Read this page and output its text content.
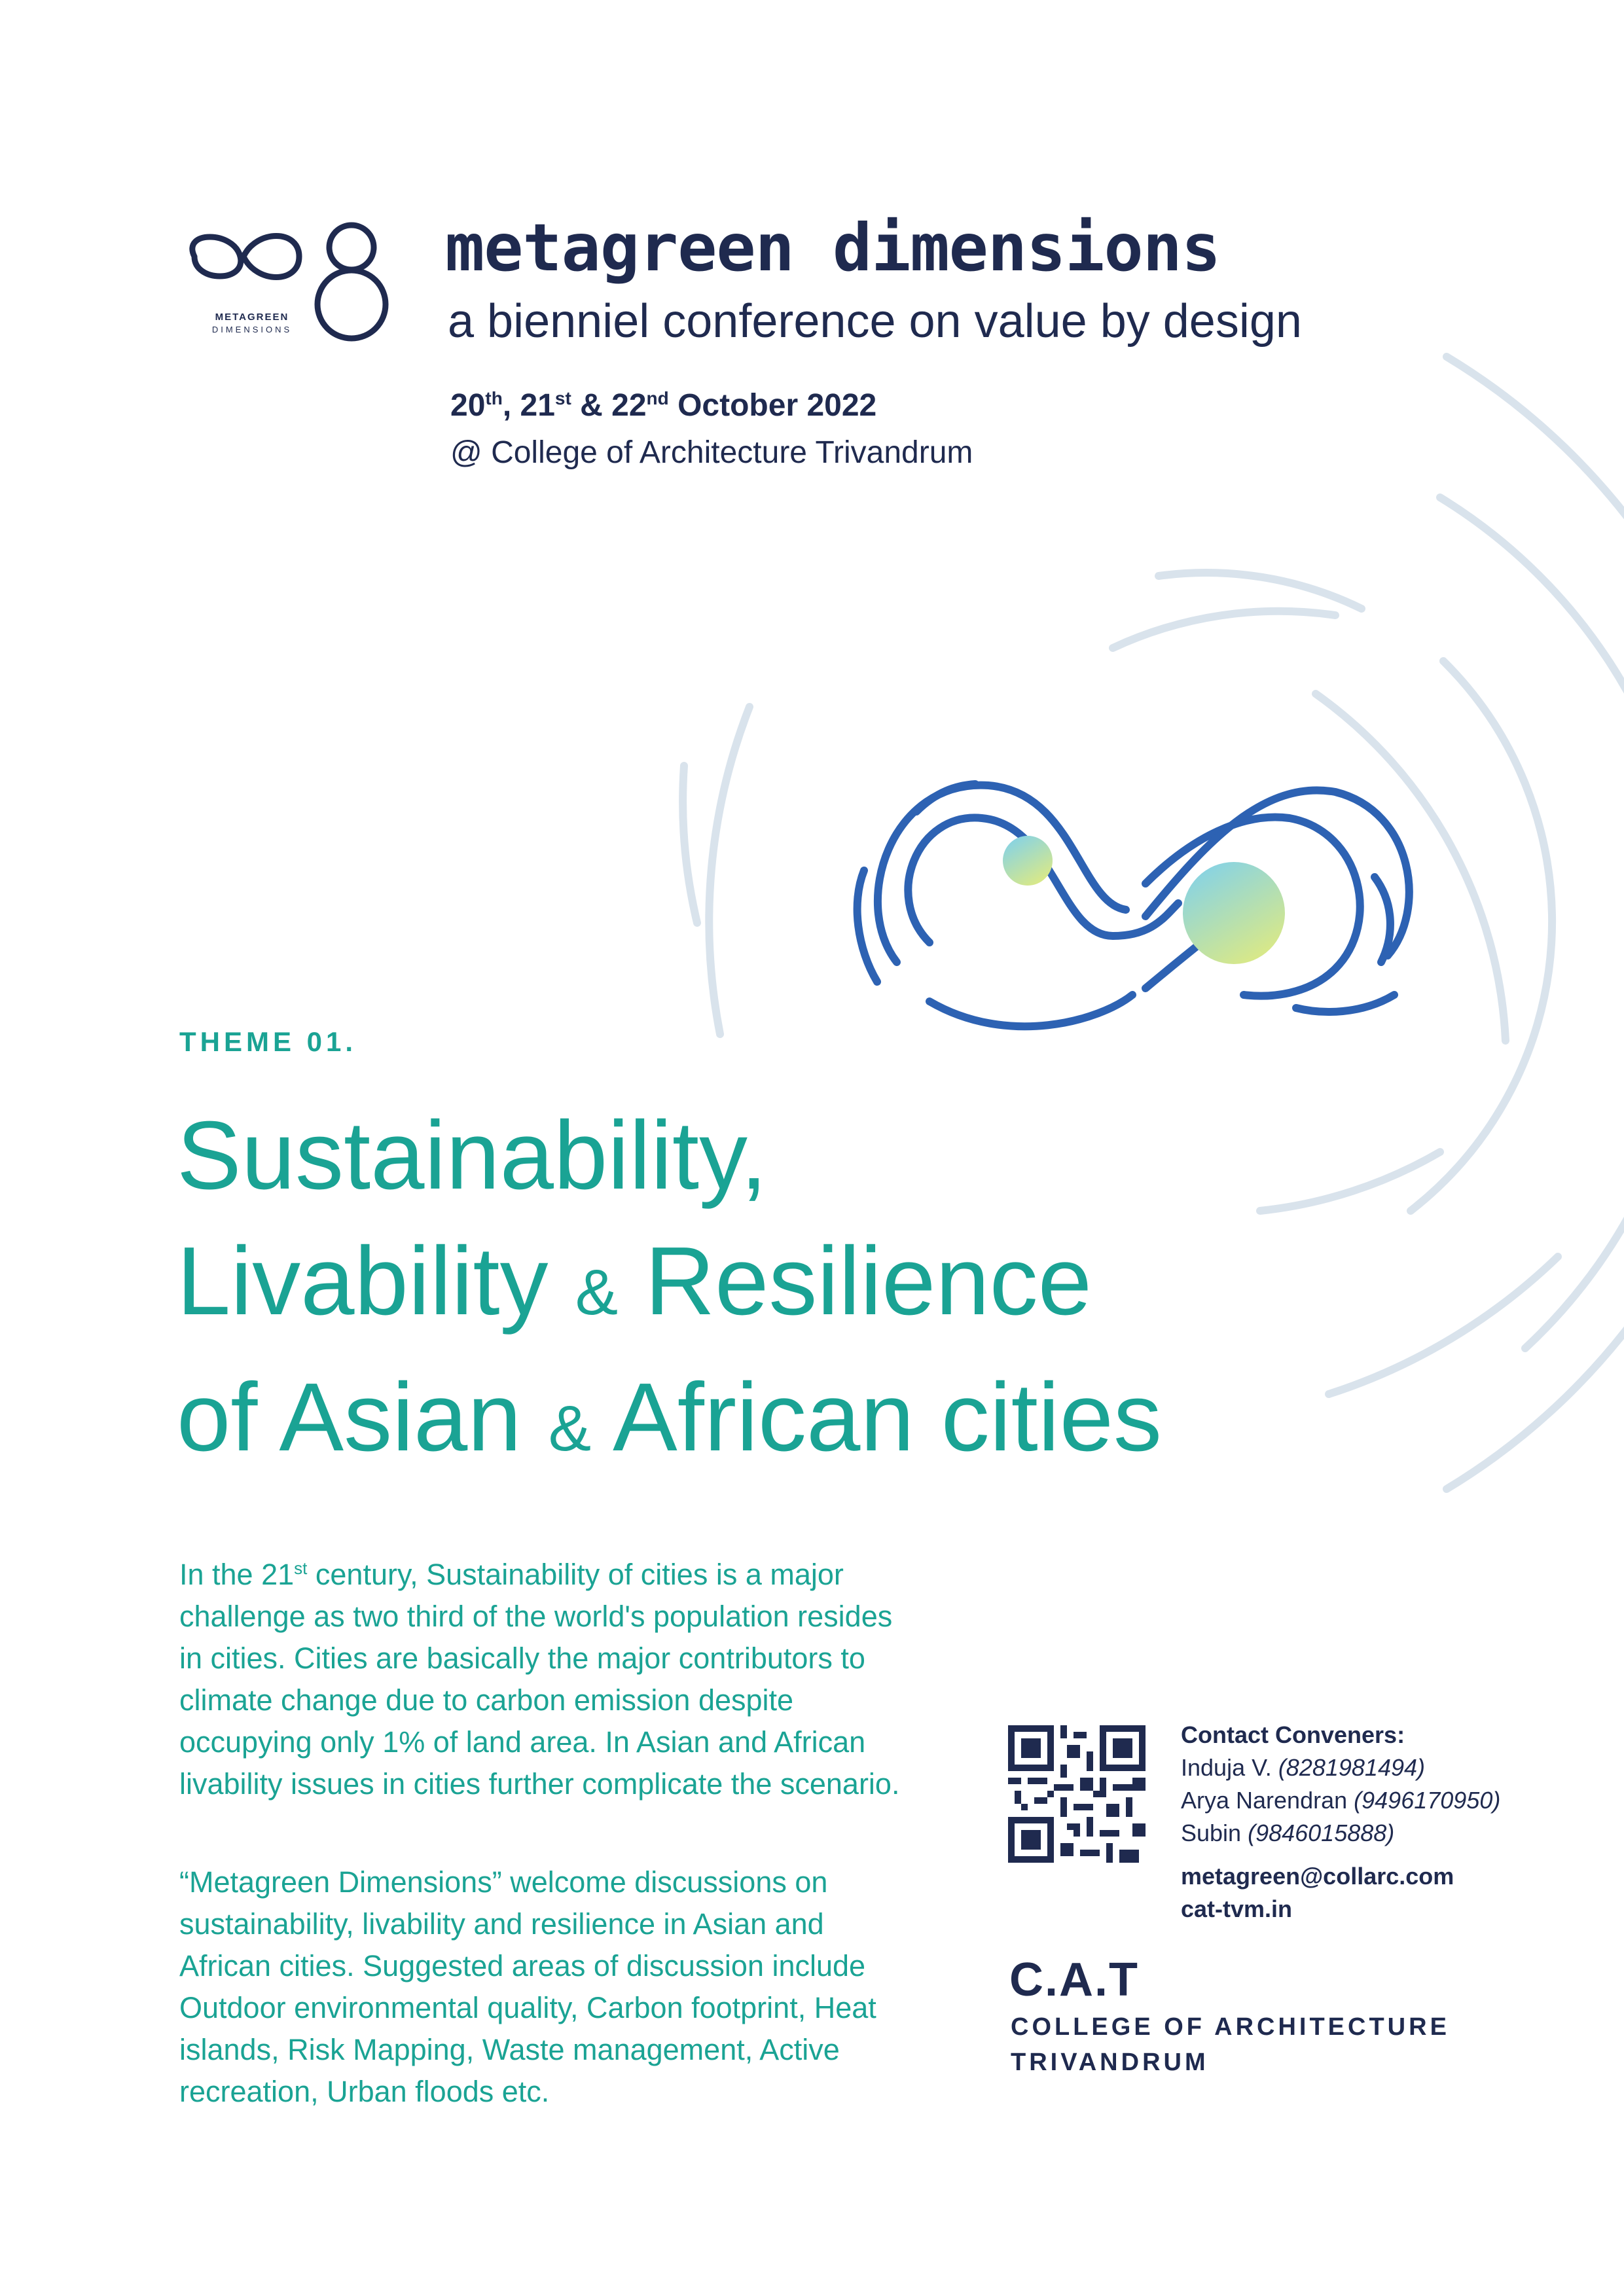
METAGREEN
DIMENSIONS
metagreen dimensions
a bienniel conference on value by design
20th, 21st & 22nd October 2022
@ College of Architecture Trivandrum
THEME 01.
Sustainability,
Livability & Resilience
of Asian & African cities
In the 21st century, Sustainability of cities is a major challenge as two third of the world's population resides in cities. Cities are basically the major contributors to climate change due to carbon emission despite occupying only 1% of land area. In Asian and African livability issues in cities further complicate the scenario.
“Metagreen Dimensions” welcome discussions on sustainability, livability and resilience in Asian and African cities. Suggested areas of discussion include Outdoor environmental quality, Carbon footprint, Heat islands, Risk Mapping, Waste management, Active recreation, Urban floods etc.
Contact Conveners:
Induja V. (8281981494)
Arya Narendran (9496170950)
Subin (9846015888)
metagreen@collarc.com
cat-tvm.in
C.A.T
COLLEGE OF ARCHITECTURE
TRIVANDRUM
